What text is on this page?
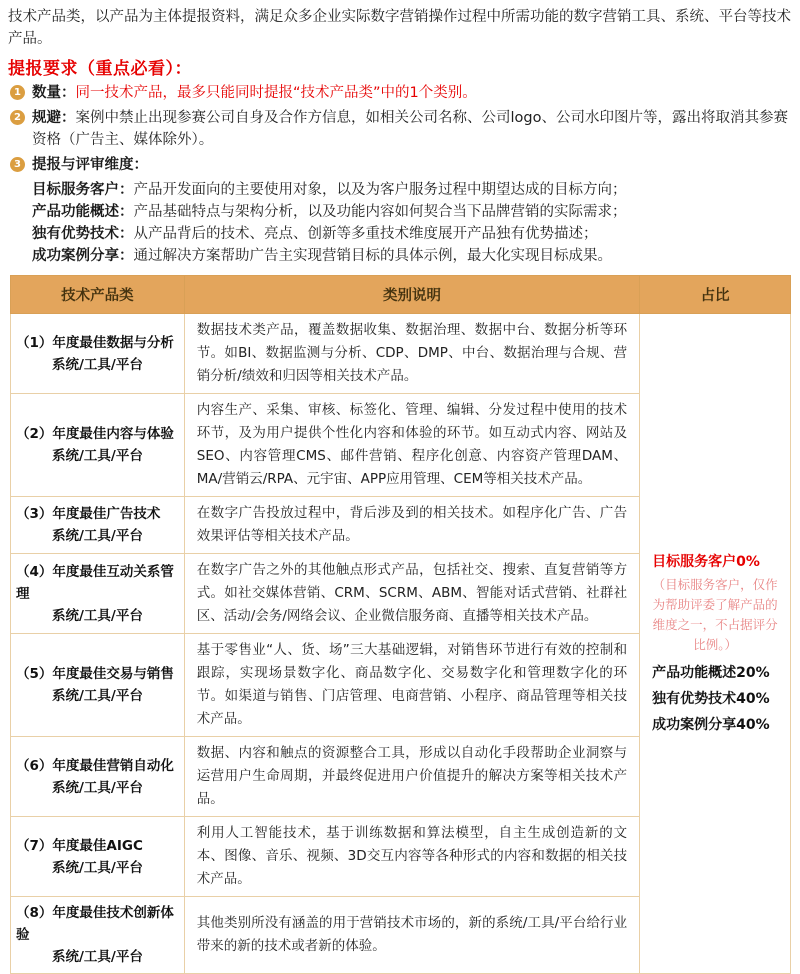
技术产品类，以产品为主体提报资料，满足众多企业实际数字营销操作过程中所需功能的数字营销工具、系统、平台等技术产品。

提报要求（重点必看）：
1 数量：同一技术产品，最多只能同时提报“技术产品类”中的1个类别。
2 规避：案例中禁止出现参赛公司自身及合作方信息，如相关公司名称、公司logo、公司水印图片等，露出将取消其参赛资格（广告主、媒体除外）。
3 提报与评审维度：
目标服务客户：产品开发面向的主要使用对象，以及为客户服务过程中期望达成的目标方向；
产品功能概述：产品基础特点与架构分析，以及功能内容如何契合当下品牌营销的实际需求；
独有优势技术：从产品背后的技术、亮点、创新等多重技术维度展开产品独有优势描述；
成功案例分享：通过解决方案帮助广告主实现营销目标的具体示例，最大化实现目标成果。
技术产品类	类别说明	占比

（1）年度最佳数据与分析
系统/工具/平台
	数据技术类产品，覆盖数据收集、数据治理、数据中台、数据分析等环节。如BI、数据监测与分析、CDP、DMP、中台、数据治理与合规、营销分析/绩效和归因等相关技术产品。	
目标服务客户0%
（目标服务客户，仅作为帮助评委了解产品的维度之一，不占据评分比例。）
产品功能概述20%
独有优势技术40%
成功案例分享40%

（2）年度最佳内容与体验
系统/工具/平台	内容生产、采集、审核、标签化、管理、编辑、分发过程中使用的技术环节，及为用户提供个性化内容和体验的环节。如互动式内容、网站及SEO、内容管理CMS、邮件营销、程序化创意、内容资产管理DAM、MA/营销云/RPA、元宇宙、APP应用管理、CEM等相关技术产品。	

（3）年度最佳广告技术
系统/工具/平台	在数字广告投放过程中，背后涉及到的相关技术。如程序化广告、广告效果评估等相关技术产品。	

（4）年度最佳互动关系管理
系统/工具/平台	在数字广告之外的其他触点形式产品，包括社交、搜索、直复营销等方式。如社交媒体营销、CRM、SCRM、ABM、智能对话式营销、社群社区、活动/会务/网络会议、企业微信服务商、直播等相关技术产品。	

（5）年度最佳交易与销售
系统/工具/平台	基于零售业“人、货、场”三大基础逻辑，对销售环节进行有效的控制和跟踪，实现场景数字化、商品数字化、交易数字化和管理数字化的环节。如渠道与销售、门店管理、电商营销、小程序、商品管理等相关技术产品。	

（6）年度最佳营销自动化
系统/工具/平台	数据、内容和触点的资源整合工具，形成以自动化手段帮助企业洞察与运营用户生命周期，并最终促进用户价值提升的解决方案等相关技术产品。	

（7）年度最佳AIGC
系统/工具/平台	利用人工智能技术，基于训练数据和算法模型，自主生成创造新的文本、图像、音乐、视频、3D交互内容等各种形式的内容和数据的相关技术产品。	

（8）年度最佳技术创新体验
系统/工具/平台	其他类别所没有涵盖的用于营销技术市场的，新的系统/工具/平台给行业带来的新的技术或者新的体验。	
